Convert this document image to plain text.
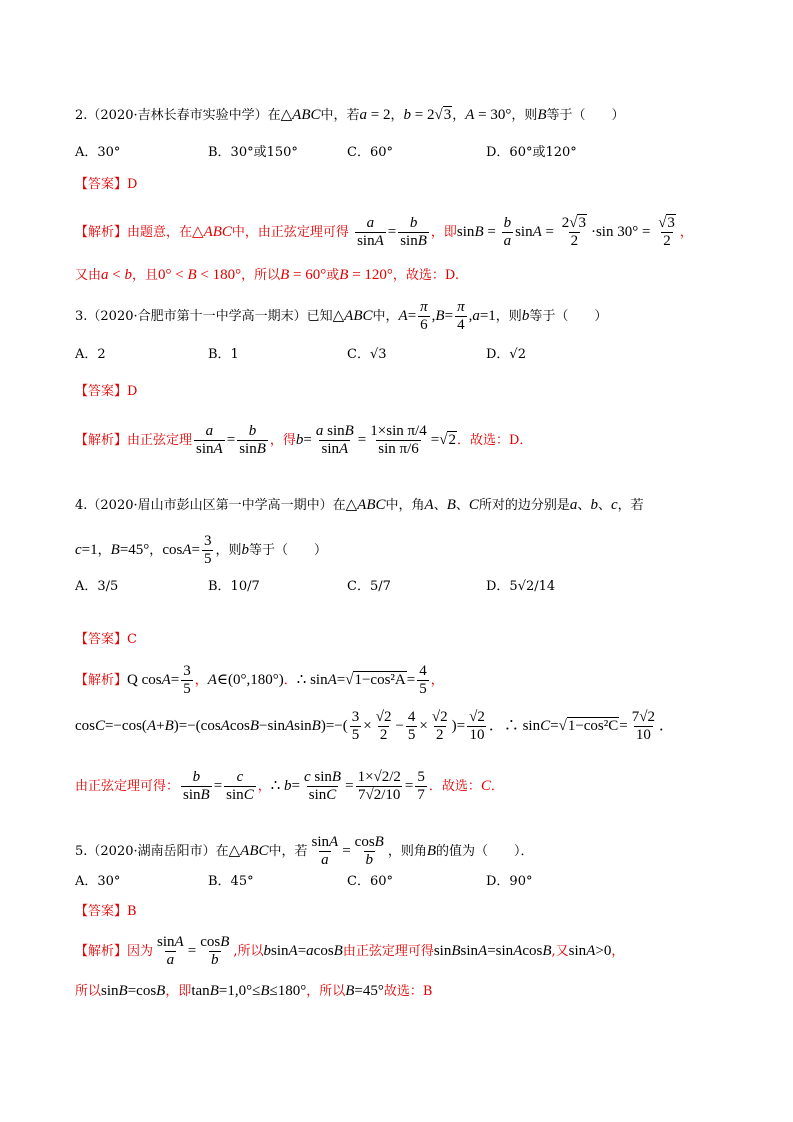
2.（2020·吉林长春市实验中学）在△ABC中，若a = 2，b = 2√3，A = 30°，则B等于（　　）
A．30°	B．30°或150°	C．60°	D．60°或120°
【答案】D
【解析】由题意，在△ABC中，由正弦定理可得 $\frac{a}{\sin A} = \frac{b}{\sin B}$ ，即$\sin B = \frac{b}{a}$ $\sin A = \frac{2√3}{2} \cdot\sin$ $30^\circ = \frac{√3}{2}$ ，
又由a < b，且0° < B < 180°，所以B = 60°或B = 120°，故选：D.
3.（2020·合肥市第十一中学高一期末）已知△ABC中，$A= \frac{\pi}{6} ,B= \frac{\pi}{4} ,a=1$，则b等于（　　）
A．2	B．1	C．√3	D．√2
【答案】D
【解析】由正弦定理 $\frac{a}{\sin A} = \frac{b}{\sin B}$ ，得$b= \frac{\text{a sinB}}{\sin A} = \frac{\text{1×sin π/4}}{\text{sin π/6}} =√2$．故选：D．
4.（2020·眉山市彭山区第一中学高一期中）在△ABC中，角A、B、C所对的边分别是a、b、c，若
c=1，B=45°，$\cos A= \frac{3}{5}$ ，则b等于（　　）
A．3/5	B．10/7	C．5/7	D．5√2/14
【答案】C
【解析】Q $\cos A= \frac{3}{5}$ ，A∈(0°,180°)．∴ $\sin A=√1-\cos^2A= \frac{4}{5}$ ，
cosC=−cos(A+B)=−(cosAcosB−sinAsinB)=−( $\frac{3}{5} \times \frac{√2}{2} - \frac{4}{5} \times \frac{√2}{2}$ )= $\frac{√2}{10}$ ．∴ $\sin C=√1-\cos^2C= \frac{7√2}{10}$ ．
由正弦定理可得： $\frac{b}{\sin B} = \frac{c}{\sin C}$ ，∴ $b= \frac{\text{c sinB}}{\sin C} = \frac{1\times√2/2}{7√2/10} = \frac{5}{7}$ ．故选：C．
5.（2020·湖南岳阳市）在△ABC中，若 $\frac{\sin A}{a} = \frac{\cos B}{b}$ ，则角B的值为（　　）．
A．30°	B．45°	C．60°	D．90°
【答案】B
【解析】因为 $\frac{\sin A}{a} = \frac{\cos B}{b}$ ,所以bsinA=acosB由正弦定理可得sinBsinA=sinAcosB,又sinA>0，
所以sinB=cosB，即tanB=1,0°≤B≤180°，所以B=45°故选：B
